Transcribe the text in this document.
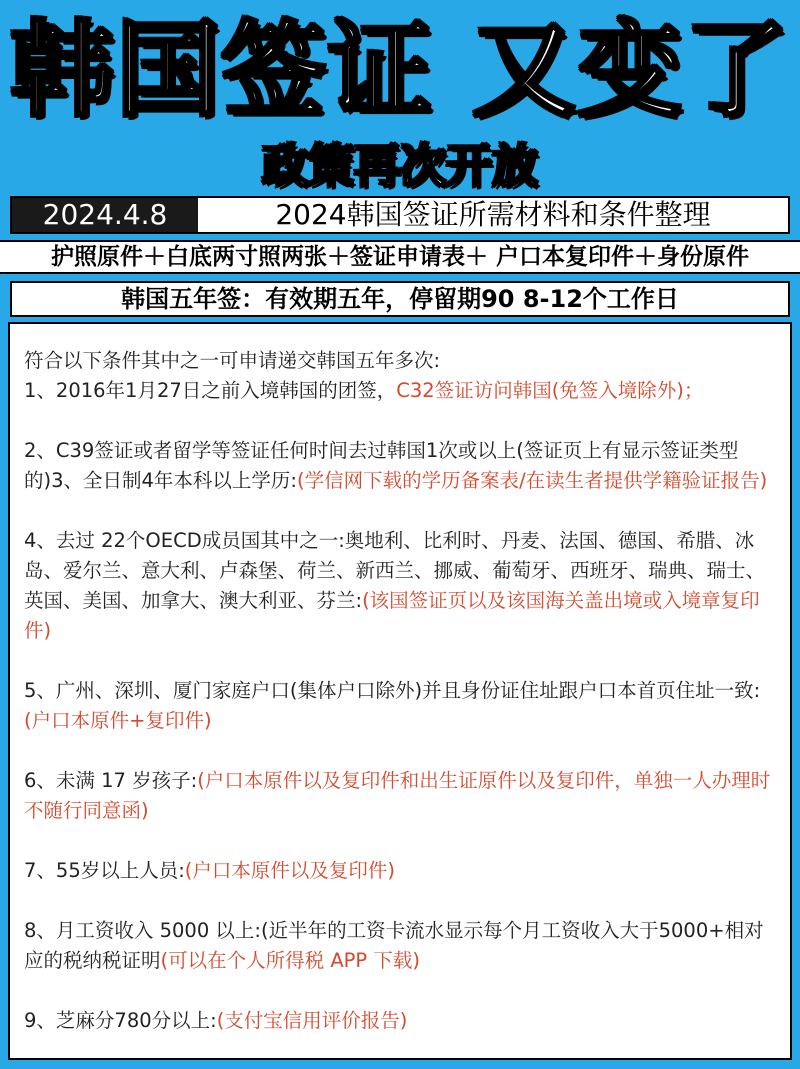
韩国签证 又变了
政策再次开放
2024.4.8	2024韩国签证所需材料和条件整理
护照原件＋白底两寸照两张＋签证申请表＋ 户口本复印件＋身份原件
韩国五年签：有效期五年，停留期90 8-12个工作日

符合以下条件其中之一可申请递交韩国五年多次:

1、2016年1月27日之前入境韩国的团签，C32签证访问韩国(免签入境除外)；

2、C39签证或者留学等签证任何时间去过韩国1次或以上(签证页上有显示签证类型的)3、全日制4年本科以上学历:(学信网下载的学历备案表/在读生者提供学籍验证报告)

4、去过 22个OECD成员国其中之一:奥地利、比利时、丹麦、法国、德国、希腊、冰岛、爱尔兰、意大利、卢森堡、荷兰、新西兰、挪威、葡萄牙、西班牙、瑞典、瑞士、英国、美国、加拿大、澳大利亚、芬兰:(该国签证页以及该国海关盖出境或入境章复印件)

5、广州、深圳、厦门家庭户口(集体户口除外)并且身份证住址跟户口本首页住址一致:(户口本原件+复印件)

6、未满 17 岁孩子:(户口本原件以及复印件和出生证原件以及复印件，单独一人办理时不随行同意函)

7、55岁以上人员:(户口本原件以及复印件)

8、月工资收入 5000 以上:(近半年的工资卡流水显示每个月工资收入大于5000+相对应的税纳税证明(可以在个人所得税 APP 下载)

9、芝麻分780分以上:(支付宝信用评价报告)
